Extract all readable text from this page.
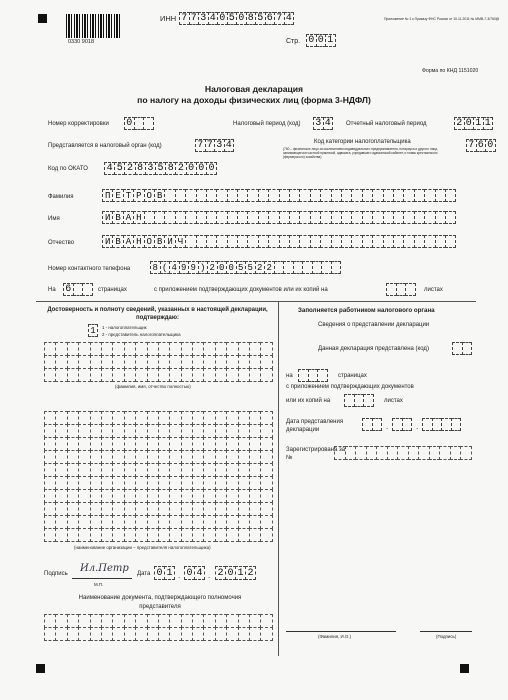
0330 9018
ИНН 7 7 3 4 0 5 0 8 5 6 7 4
Стр. 0 0 1
Приложение № 1 к Приказу ФНС России от 10.11.2011 № ММВ-7-3/760@
Форма по КНД 1151020
Налоговая декларация
по налогу на доходы физических лиц (форма 3-НДФЛ)
Номер корректировки 0	Налоговый период (код) 3 4	Отчетный налоговый период	2 0 1 1
Представляется в налоговый орган (код)	7 7 3 4	Код категории налогоплательщика
(760 – физическое лицо за исключением индивидуального предпринимателя, нотариуса и другого лица, занимающегося частной практикой, адвоката, учредившего адвокатский кабинет, и главы крестьянского (фермерского) хозяйства)
7 6 0
Код по ОКАТО 4 5 2 8 3 5 8 2 0 0 0
Фамилия	П Е Т Р О В
Имя	И В А Н
Отчество	И В А Н О В И Ч
Номер контактного телефона 8 ( 4 9 9 ) 2 0 0 5 5 2 2
На 6	страницах	с приложением подтверждающих документов или их копий на	листах
Достоверность и полноту сведений, указанных в настоящей декларации, подтверждаю:
1	1 - налогоплательщик
2 - представитель налогоплательщика
(фамилия, имя, отчество полностью)
(наименование организации – представителя налогоплательщика)
Подпись Ил.Петр
М.П.
Дата 0 1 . 0 4 . 2 0 1 2
Наименование документа, подтверждающего полномочия представителя
Заполняется работником налогового органа
Сведения о представлении декларации
Данная декларация представлена (код)
на	страницах
с приложением подтверждающих документов
или их копий на	листах
Дата представления декларации	.	.
Зарегистрирована за №
(Фамилия, И.О.)	(Подпись)
